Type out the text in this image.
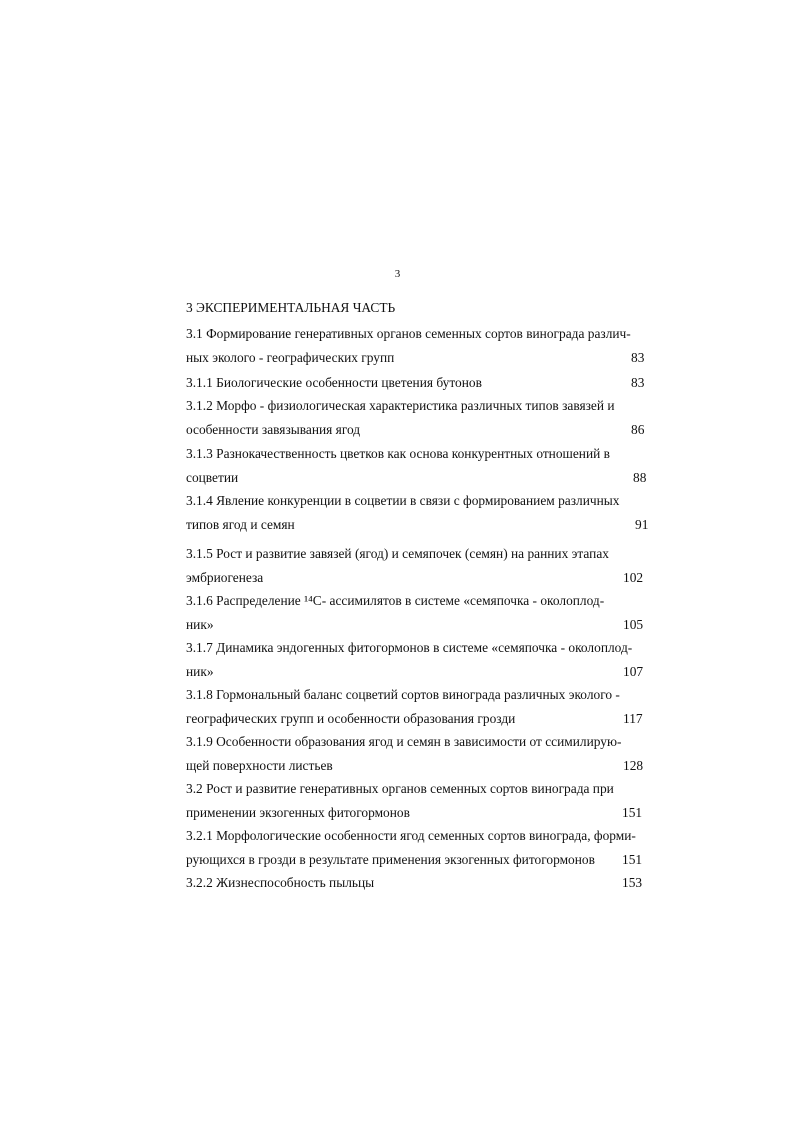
3
3 ЭКСПЕРИМЕНТАЛЬНАЯ ЧАСТЬ
3.1 Формирование генеративных органов семенных сортов винограда различ-
ных эколого - географических групп	83
3.1.1 Биологические особенности цветения бутонов	83
3.1.2 Морфо - физиологическая характеристика различных типов завязей и
особенности завязывания ягод	86
3.1.3 Разнокачественность цветков как основа конкурентных отношений в
соцветии	88
3.1.4 Явление конкуренции в соцветии в связи с формированием различных
типов ягод и семян	91
3.1.5 Рост и развитие завязей (ягод) и семяпочек (семян) на ранних этапах
эмбриогенеза	102
3.1.6 Распределение ¹⁴С- ассимилятов в системе «семяпочка - околоплод-
ник»	105
3.1.7 Динамика эндогенных фитогормонов в системе «семяпочка - околоплод-
ник»	107
3.1.8 Гормональный баланс соцветий сортов винограда различных эколого -
географических групп и особенности образования грозди	117
3.1.9 Особенности образования ягод и семян в зависимости от ссимилирую-
щей поверхности листьев	128
3.2 Рост и развитие генеративных органов семенных сортов винограда при
применении экзогенных фитогормонов	151
3.2.1 Морфологические особенности ягод семенных сортов винограда, форми-
рующихся в грозди в результате применения экзогенных фитогормонов	151
3.2.2 Жизнеспособность пыльцы	153
